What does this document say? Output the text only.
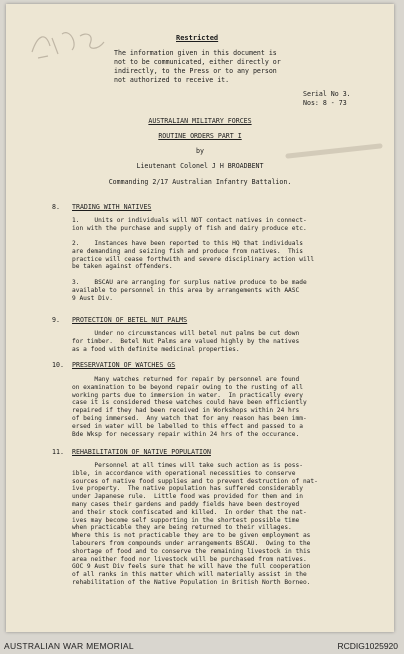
Restricted
The information given in this document is
not to be communicated, either directly or
indirectly, to the Press or to any person
not authorized to receive it.
Serial No 3.
Nos: 8 - 73
AUSTRALIAN MILITARY FORCES
ROUTINE ORDERS PART I
by
Lieutenant Colonel J H BROADBENT
Commanding 2/17 Australian Infantry Battalion.
8. TRADING WITH NATIVES
1.    Units or individuals will NOT contact natives in connect-
ion with the purchase and supply of fish and dairy produce etc.
2.    Instances have been reported to this HQ that individuals
are demanding and seizing fish and produce from natives.  This
practice will cease forthwith and severe disciplinary action will
be taken against offenders.
3.    BSCAU are arranging for surplus native produce to be made
available to personnel in this area by arrangements with AASC
9 Aust Div.
9. PROTECTION OF BETEL NUT PALMS
Under no circumstances will betel nut palms be cut down
for timber.  Betel Nut Palms are valued highly by the natives
as a food with definite medicinal properties.
10. PRESERVATION OF WATCHES GS
Many watches returned for repair by personnel are found
on examination to be beyond repair owing to the rusting of all
working parts due to immersion in water.  In practically every
case it is considered these watches could have been efficiently
repaired if they had been received in Workshops within 24 hrs
of being immersed.  Any watch that for any reason has been imm-
ersed in water will be labelled to this effect and passed to a
Bde Wksp for necessary repair within 24 hrs of the occurance.
11. REHABILITATION OF NATIVE POPULATION
Personnel at all times will take such action as is poss-
ible, in accordance with operational necessities to conserve
sources of native food supplies and to prevent destruction of nat-
ive property.  The native population has suffered considerably
under Japanese rule.  Little food was provided for them and in
many cases their gardens and paddy fields have been destroyed
and their stock confiscated and killed.  In order that the nat-
ives may become self supporting in the shortest possible time
when practicable they are being returned to their villages.
Where this is not practicable they are to be given employment as
labourers from compounds under arrangements BSCAU.  Owing to the
shortage of food and to conserve the remaining livestock in this
area neither food nor livestock will be purchased from natives.
GOC 9 Aust Div feels sure that he will have the full cooperation
of all ranks in this matter which will materially assist in the
rehabilitation of the Native Population in British North Borneo.
AUSTRALIAN WAR MEMORIAL	RCDIG1025920
